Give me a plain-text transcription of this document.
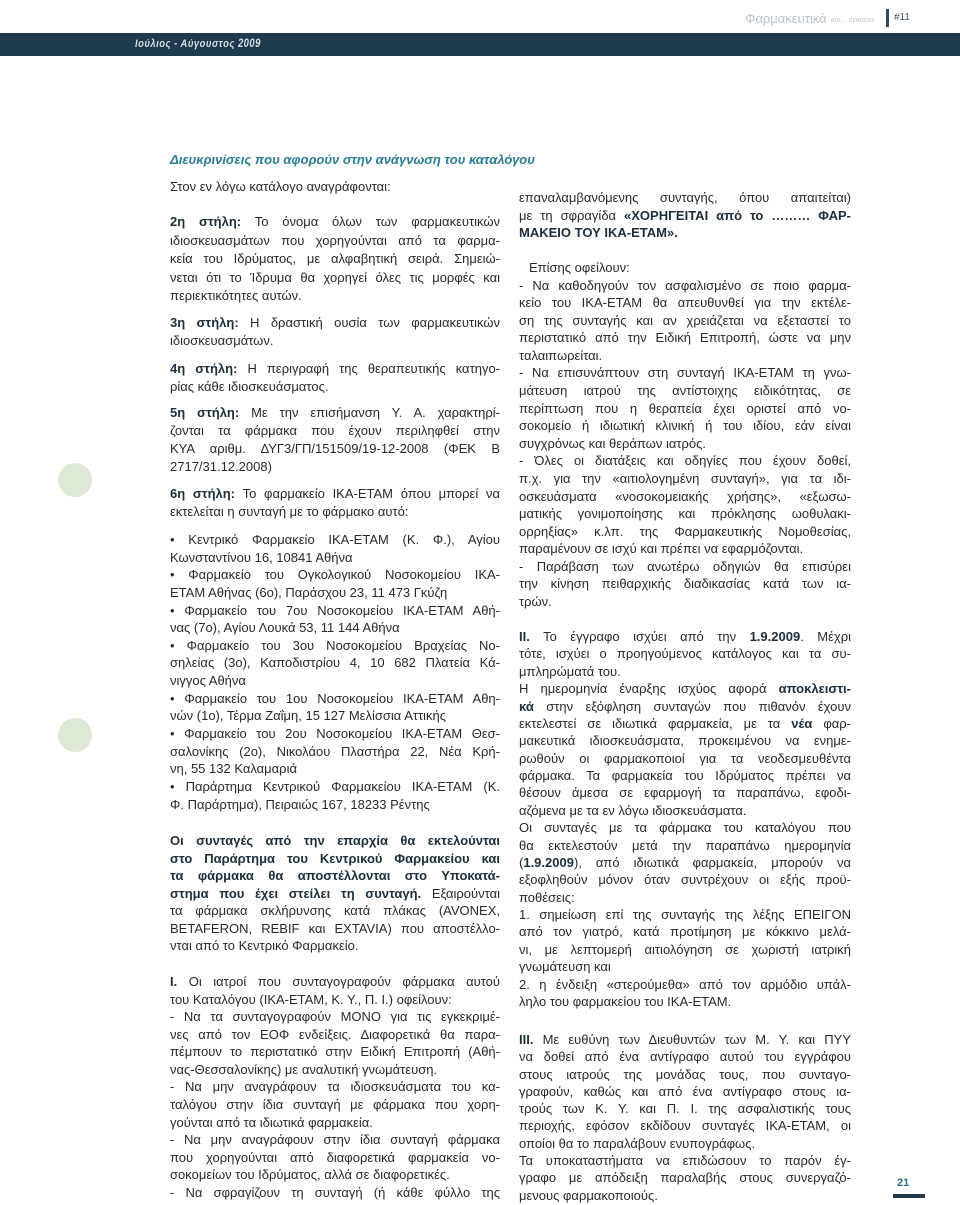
Φαρμακευτικά και... έγκαιρα #11
Ιούλιος - Αύγουστος 2009
Διευκρινίσεις που αφορούν στην ανάγνωση του καταλόγου
Στον εν λόγω κατάλογο αναγράφονται:
2η στήλη: Το όνομα όλων των φαρμακευτικών
ιδιοσκευασμάτων που χορηγούνται από τα φαρμα-
κεία του Ιδρύματος, με αλφαβητική σειρά. Σημειώ-
νεται ότι το Ίδρυμα θα χορηγεί όλες τις μορφές και
περιεκτικότητες αυτών.
3η στήλη: Η δραστική ουσία των φαρμακευτικών
ιδιοσκευασμάτων.
4η στήλη: Η περιγραφή της θεραπευτικής κατηγο-
ρίας κάθε ιδιοσκευάσματος.
5η στήλη: Με την επισήμανση Υ. Α. χαρακτηρί-
ζονται τα φάρμακα που έχουν περιληφθεί στην
ΚΥΑ αριθμ. ΔΥΓ3/ΓΠ/151509/19-12-2008 (ΦΕΚ Β
2717/31.12.2008)
6η στήλη: Το φαρμακείο ΙΚΑ-ΕΤΑΜ όπου μπορεί να
εκτελείται η συνταγή με το φάρμακο αυτό:
• Κεντρικό Φαρμακείο ΙΚΑ-ΕΤΑΜ (Κ. Φ.), Αγίου
Κωνσταντίνου 16, 10841 Αθήνα
• Φαρμακείο του Ογκολογικού Νοσοκομείου ΙΚΑ-
ΕΤΑΜ Αθήνας (6ο), Παράσχου 23, 11 473 Γκύζη
• Φαρμακείο του 7ου Νοσοκομείου ΙΚΑ-ΕΤΑΜ Αθή-
νας (7ο), Αγίου Λουκά 53, 11 144 Αθήνα
• Φαρμακείο του 3ου Νοσοκομείου Βραχείας Νο-
σηλείας (3ο), Καποδιστρίου 4, 10 682 Πλατεία Κά-
νιγγος Αθήνα
• Φαρμακείο του 1ου Νοσοκομείου ΙΚΑ-ΕΤΑΜ Αθη-
νών (1ο), Τέρμα Ζαΐμη, 15 127 Μελίσσια Αττικής
• Φαρμακείο του 2ου Νοσοκομείου ΙΚΑ-ΕΤΑΜ Θεσ-
σαλονίκης (2ο), Νικολάου Πλαστήρα 22, Νέα Κρή-
νη, 55 132 Καλαμαριά
• Παράρτημα Κεντρικού Φαρμακείου ΙΚΑ-ΕΤΑΜ (Κ.
Φ. Παράρτημα), Πειραιώς 167, 18233 Ρέντης
Οι συνταγές από την επαρχία θα εκτελούνται
στο Παράρτημα του Κεντρικού Φαρμακείου και
τα φάρμακα θα αποστέλλονται στο Υποκατά-
στημα που έχει στείλει τη συνταγή. Εξαιρούνται
τα φάρμακα σκλήρυνσης κατά πλάκας (AVONEX,
BETAFERON, REBIF και EXTAVIA) που αποστέλλο-
νται από το Κεντρικό Φαρμακείο.
Ι. Οι ιατροί που συνταγογραφούν φάρμακα αυτού
του Καταλόγου (ΙΚΑ-ΕΤΑΜ, Κ. Υ., Π. Ι.) οφείλουν:
- Να τα συνταγογραφούν ΜΟΝΟ για τις εγκεκριμέ-
νες από τον ΕΟΦ ενδείξεις. Διαφορετικά θα παρα-
πέμπουν το περιστατικό στην Ειδική Επιτροπή (Αθή-
νας-Θεσσαλονίκης) με αναλυτική γνωμάτευση.
- Να μην αναγράφουν τα ιδιοσκευάσματα του κα-
ταλόγου στην ίδια συνταγή με φάρμακα που χορη-
γούνται από τα ιδιωτικά φαρμακεία.
- Να μην αναγράφουν στην ίδια συνταγή φάρμακα
που χορηγούνται από διαφορετικά φαρμακεία νο-
σοκομείων του Ιδρύματος, αλλά σε διαφορετικές.
- Να σφραγίζουν τη συνταγή (ή κάθε φύλλο της
επαναλαμβανόμενης συνταγής, όπου απαιτείται)
με τη σφραγίδα «ΧΟΡΗΓΕΙΤΑΙ από το ……… ΦΑΡ-
ΜΑΚΕΙΟ ΤΟΥ ΙΚΑ-ΕΤΑΜ».
Επίσης οφείλουν:
- Να καθοδηγούν τον ασφαλισμένο σε ποιο φαρμα-
κείο του ΙΚΑ-ΕΤΑΜ θα απευθυνθεί για την εκτέλε-
ση της συνταγής και αν χρειάζεται να εξεταστεί το
περιστατικό από την Ειδική Επιτροπή, ώστε να μην
ταλαιπωρείται.
- Να επισυνάπτουν στη συνταγή ΙΚΑ-ΕΤΑΜ τη γνω-
μάτευση ιατρού της αντίστοιχης ειδικότητας, σε
περίπτωση που η θεραπεία έχει οριστεί από νο-
σοκομείο ή ιδιωτική κλινική ή του ιδίου, εάν είναι
συγχρόνως και θεράπων ιατρός.
- Όλες οι διατάξεις και οδηγίες που έχουν δοθεί,
π.χ. για την «αιτιολογημένη συνταγή», για τα ιδι-
οσκευάσματα «νοσοκομειακής χρήσης», «εξωσω-
ματικής γονιμοποίησης και πρόκλησης ωοθυλακι-
ορρηξίας» κ.λπ. της Φαρμακευτικής Νομοθεσίας,
παραμένουν σε ισχύ και πρέπει να εφαρμόζονται.
- Παράβαση των ανωτέρω οδηγιών θα επισύρει
την κίνηση πειθαρχικής διαδικασίας κατά των ια-
τρών.
ΙΙ. Το έγγραφο ισχύει από την 1.9.2009. Μέχρι
τότε, ισχύει ο προηγούμενος κατάλογος και τα συ-
μπληρώματά του.
Η ημερομηνία έναρξης ισχύος αφορά αποκλειστι-
κά στην εξόφληση συνταγών που πιθανόν έχουν
εκτελεστεί σε ιδιωτικά φαρμακεία, με τα νέα φαρ-
μακευτικά ιδιοσκευάσματα, προκειμένου να ενημε-
ρωθούν οι φαρμακοποιοί για τα νεοδεσμευθέντα
φάρμακα. Τα φαρμακεία του Ιδρύματος πρέπει να
θέσουν άμεσα σε εφαρμογή τα παραπάνω, εφοδι-
αζόμενα με τα εν λόγω ιδιοσκευάσματα.
Οι συνταγές με τα φάρμακα του καταλόγου που
θα εκτελεστούν μετά την παραπάνω ημερομηνία
(1.9.2009), από ιδιωτικά φαρμακεία, μπορούν να
εξοφληθούν μόνον όταν συντρέχουν οι εξής προϋ-
ποθέσεις:
1. σημείωση επί της συνταγής της λέξης ΕΠΕΙΓΟΝ
από τον γιατρό, κατά προτίμηση με κόκκινο μελά-
νι, με λεπτομερή αιτιολόγηση σε χωριστή ιατρική
γνωμάτευση και
2. η ένδειξη «στερούμεθα» από τον αρμόδιο υπάλ-
ληλο του φαρμακείου του ΙΚΑ-ΕΤΑΜ.
ΙΙΙ. Με ευθύνη των Διευθυντών των Μ. Υ. και ΠΥΥ
να δοθεί από ένα αντίγραφο αυτού του εγγράφου
στους ιατρούς της μονάδας τους, που συνταγο-
γραφούν, καθώς και από ένα αντίγραφο στους ια-
τρούς των Κ. Υ. και Π. Ι. της ασφαλιστικής τους
περιοχής, εφόσον εκδίδουν συνταγές ΙΚΑ-ΕΤΑΜ, οι
οποίοι θα το παραλάβουν ενυπογράφως.
Τα υποκαταστήματα να επιδώσουν το παρόν έγ-
γραφο με απόδειξη παραλαβής στους συνεργαζό-
μενους φαρμακοποιούς.
21
